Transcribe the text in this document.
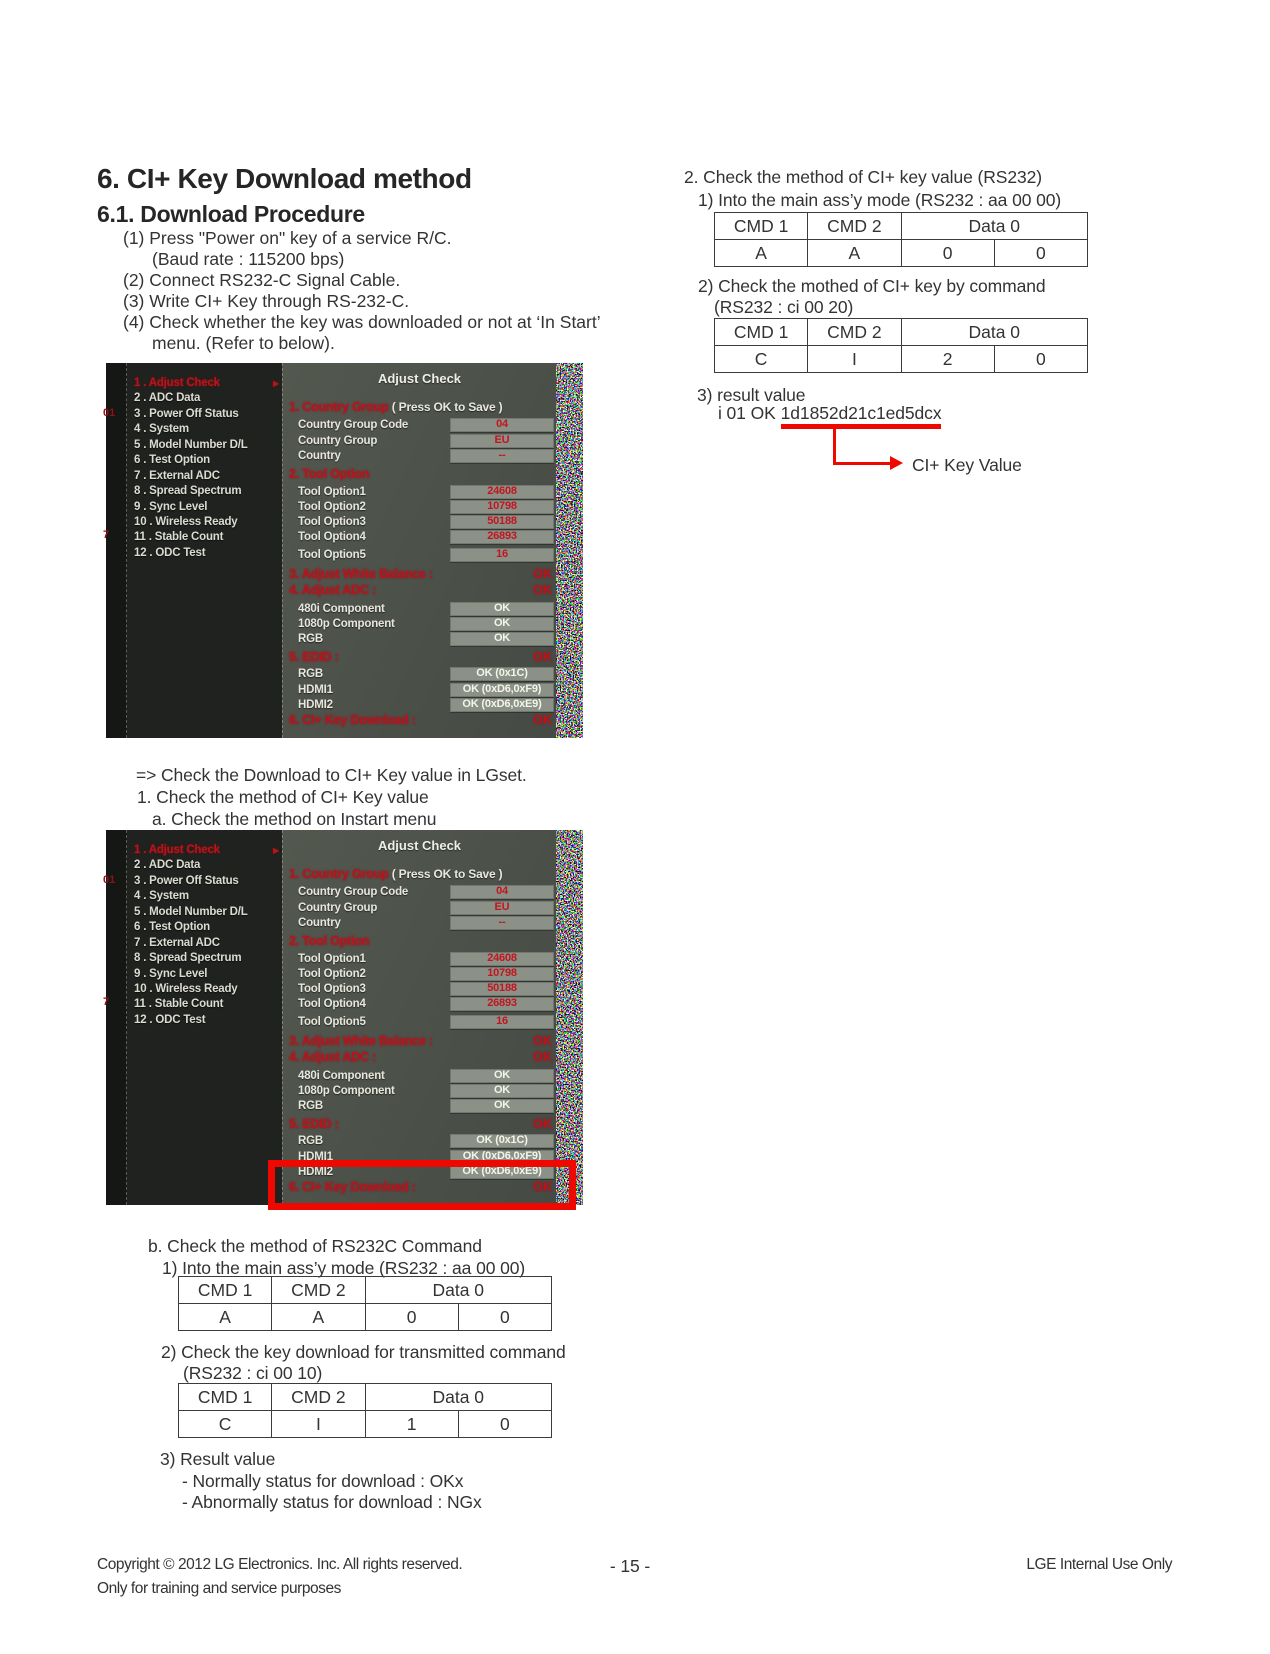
6. CI+ Key Download method
6.1. Download Procedure
(1) Press "Power on" key of a service R/C.
(Baud rate : 115200 bps)
(2) Connect RS232-C Signal Cable.
(3) Write CI+ Key through RS-232-C.
(4) Check whether the key was downloaded or not at ‘In Start’
menu. (Refer to below).
2. Check the method of CI+ key value (RS232)
1) Into the main ass’y mode (RS232 : aa 00 00)
CMD 1	CMD 2	Data 0	
A	A	0	0
2) Check the mothed of CI+ key by command
(RS232 : ci 00 20)
CMD 1	CMD 2	Data 0	
C	I	2	0
3) result value
i 01 OK 1d1852d21c1ed5dcx
CI+ Key Value
01
7
1 . Adjust Check	▶
2 . ADC Data
3 . Power Off Status
4 . System
5 . Model Number D/L
6 . Test Option
7 . External ADC
8 . Spread Spectrum
9 . Sync Level
10 . Wireless Ready
11 . Stable Count
12 . ODC Test
Adjust Check
1. Country Group ( Press OK to Save )
Country Group Code	04
Country Group	EU
Country	--
2. Tool Option
Tool Option1	24608
Tool Option2	10798
Tool Option3	50188
Tool Option4	26893
Tool Option5	16
3. Adjust White Balance :	OK
4. Adjust ADC :	OK
480i Component	OK
1080p Component	OK
RGB	OK
5. EDID :	OK
RGB	OK (0x1C)
HDMI1	OK (0xD6,0xF9)
HDMI2	OK (0xD6,0xE9)
6. CI+ Key Download :	OK
=> Check the Download to CI+ Key value in LGset.
1. Check the method of CI+ Key value
a. Check the method on Instart menu
01
7
1 . Adjust Check	▶
2 . ADC Data
3 . Power Off Status
4 . System
5 . Model Number D/L
6 . Test Option
7 . External ADC
8 . Spread Spectrum
9 . Sync Level
10 . Wireless Ready
11 . Stable Count
12 . ODC Test
Adjust Check
1. Country Group ( Press OK to Save )
Country Group Code	04
Country Group	EU
Country	--
2. Tool Option
Tool Option1	24608
Tool Option2	10798
Tool Option3	50188
Tool Option4	26893
Tool Option5	16
3. Adjust White Balance :	OK
4. Adjust ADC :	OK
480i Component	OK
1080p Component	OK
RGB	OK
5. EDID :	OK
RGB	OK (0x1C)
HDMI1	OK (0xD6,0xF9)
HDMI2	OK (0xD6,0xE9)
6. CI+ Key Download :	OK
b. Check the method of RS232C Command
1) Into the main ass’y mode (RS232 : aa 00 00)
CMD 1	CMD 2	Data 0	
A	A	0	0
2) Check the key download for transmitted command
(RS232 : ci 00 10)
CMD 1	CMD 2	Data 0	
C	I	1	0
3) Result value
- Normally status for download : OKx
- Abnormally status for download : NGx
Copyright © 2012 LG Electronics. Inc. All rights reserved.
Only for training and service purposes
- 15 -	LGE Internal Use Only
